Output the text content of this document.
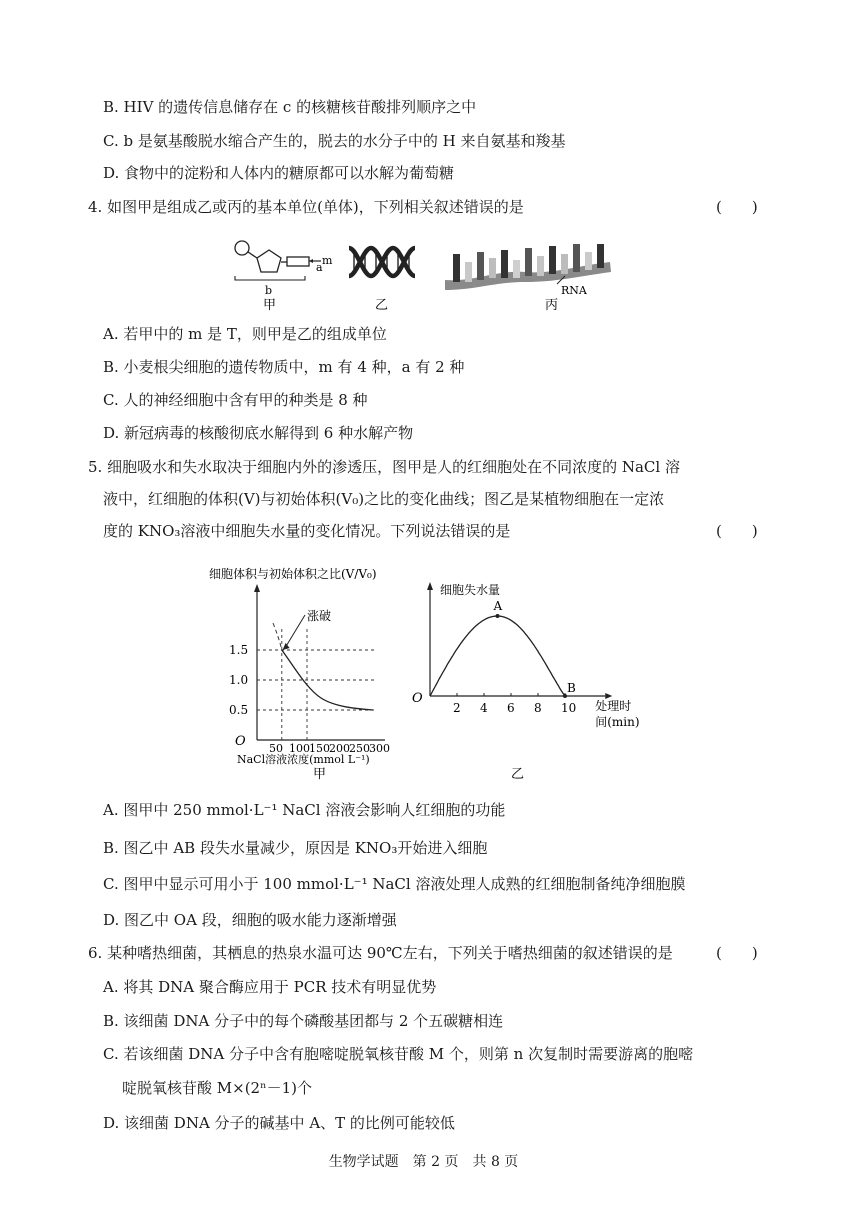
B. HIV 的遗传信息储存在 c 的核糖核苷酸排列顺序之中
C. b 是氨基酸脱水缩合产生的，脱去的水分子中的 H 来自氨基和羧基
D. 食物中的淀粉和人体内的糖原都可以水解为葡萄糖
4. 如图甲是组成乙或丙的基本单位(单体)，下列相关叙述错误的是	(　　)
m
a
b
甲	乙
RNA
丙
A. 若甲中的 m 是 T，则甲是乙的组成单位
B. 小麦根尖细胞的遗传物质中，m 有 4 种，a 有 2 种
C. 人的神经细胞中含有甲的种类是 8 种
D. 新冠病毒的核酸彻底水解得到 6 种水解产物
5. 细胞吸水和失水取决于细胞内外的渗透压，图甲是人的红细胞处在不同浓度的 NaCl 溶
液中，红细胞的体积(V)与初始体积(V₀)之比的变化曲线；图乙是某植物细胞在一定浓
度的 KNO₃溶液中细胞失水量的变化情况。下列说法错误的是	(　　)
细胞体积与初始体积之比(V/V₀)
O
NaCl溶液浓度(mmol L⁻¹)
甲
涨破
0.5
1.0
1.5
50 100 150 200 250 300
细胞失水量
O
乙
2 4 6 8 10 处理时
间(min)
A
B
A. 图甲中 250 mmol·L⁻¹ NaCl 溶液会影响人红细胞的功能
B. 图乙中 AB 段失水量减少，原因是 KNO₃开始进入细胞
C. 图甲中显示可用小于 100 mmol·L⁻¹ NaCl 溶液处理人成熟的红细胞制备纯净细胞膜
D. 图乙中 OA 段，细胞的吸水能力逐渐增强
6. 某种嗜热细菌，其栖息的热泉水温可达 90℃左右，下列关于嗜热细菌的叙述错误的是	(　　)
A. 将其 DNA 聚合酶应用于 PCR 技术有明显优势
B. 该细菌 DNA 分子中的每个磷酸基团都与 2 个五碳糖相连
C. 若该细菌 DNA 分子中含有胞嘧啶脱氧核苷酸 M 个，则第 n 次复制时需要游离的胞嘧
啶脱氧核苷酸 M×(2ⁿ－1)个
D. 该细菌 DNA 分子的碱基中 A、T 的比例可能较低
生物学试题　第 2 页　共 8 页
